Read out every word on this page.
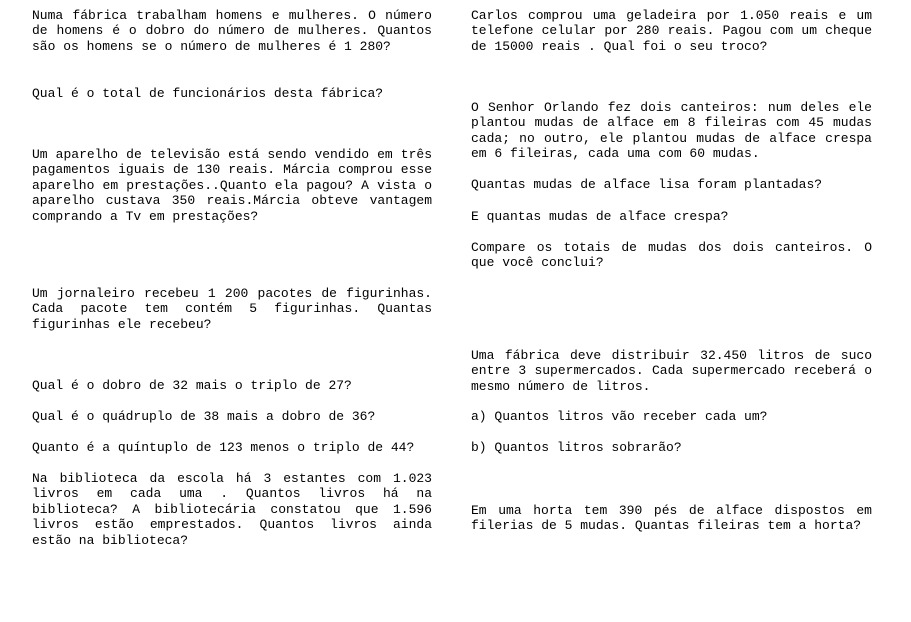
Numa fábrica trabalham homens e mulheres. O número de homens é o dobro do número de mulheres. Quantos são os homens se o número de mulheres é 1 280?

Qual é o total de funcionários desta fábrica?

Um aparelho de televisão está sendo vendido em três pagamentos iguais de 130 reais. Márcia comprou esse aparelho em prestações..Quanto ela pagou? A vista o aparelho custava 350 reais.Márcia obteve vantagem comprando a Tv em prestações?

Um jornaleiro recebeu 1 200 pacotes de figurinhas. Cada pacote tem contém 5 figurinhas. Quantas figurinhas ele recebeu?

Qual é o dobro de 32 mais o triplo de 27?

Qual é o quádruplo de 38 mais a dobro de 36?

Quanto é a quíntuplo de 123 menos o triplo de 44?

Na biblioteca da escola há 3 estantes com 1.023 livros em cada uma . Quantos livros há na biblioteca? A bibliotecária constatou que 1.596 livros estão emprestados. Quantos livros ainda estão na biblioteca?

Carlos comprou uma geladeira por 1.050 reais e um telefone celular por 280 reais. Pagou com um cheque de 15000 reais . Qual foi o seu troco?

O Senhor Orlando fez dois canteiros: num deles ele plantou mudas de alface em 8 fileiras com 45 mudas cada; no outro, ele plantou mudas de alface crespa em 6 fileiras, cada uma com 60 mudas.

Quantas mudas de alface lisa foram plantadas?

E quantas mudas de alface crespa?

Compare os totais de mudas dos dois canteiros. O que você conclui?

Uma fábrica deve distribuir 32.450 litros de suco entre 3 supermercados. Cada supermercado receberá o mesmo número de litros.

a) Quantos litros vão receber cada um?

b) Quantos litros sobrarão?

Em uma horta tem 390 pés de alface dispostos em filerias de 5 mudas. Quantas fileiras tem a horta?
